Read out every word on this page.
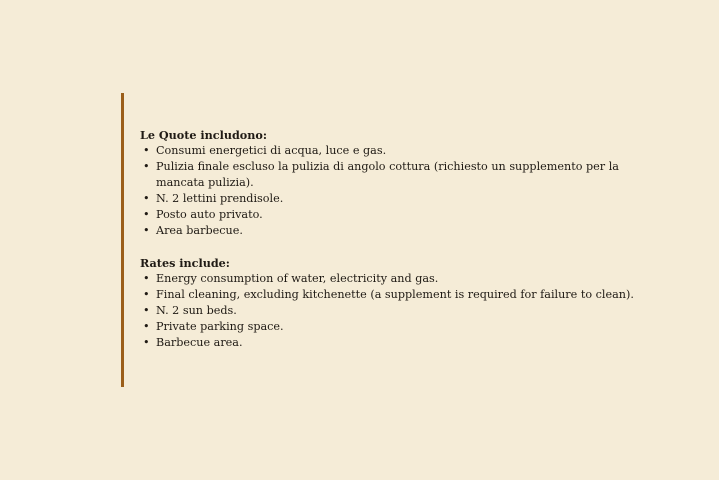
Le Quote includono:

• Consumi energetici di acqua, luce e gas.
• Pulizia finale escluso la pulizia di angolo cottura (richiesto un supplemento per la mancata pulizia).
• N. 2 lettini prendisole.
• Posto auto privato.
• Area barbecue.

Rates include:

• Energy consumption of water, electricity and gas.
• Final cleaning, excluding kitchenette (a supplement is required for failure to clean).
• N. 2 sun beds.
• Private parking space.
• Barbecue area.
